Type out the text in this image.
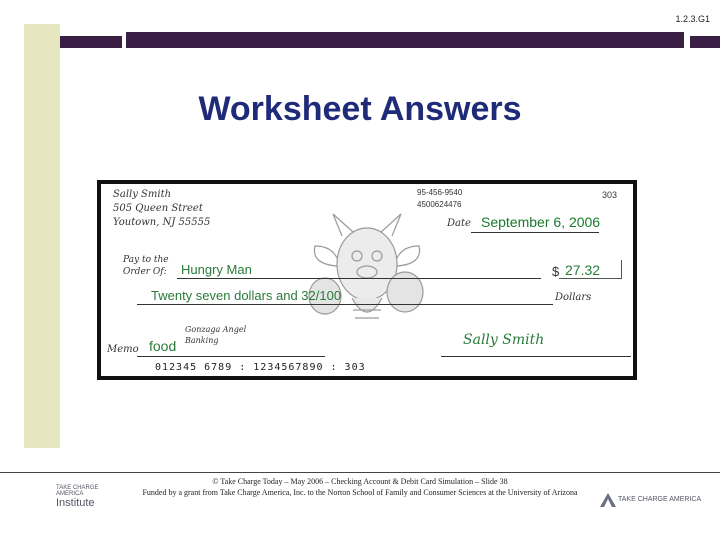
1.2.3.G1
Worksheet Answers
Sally Smith
505 Queen Street
Youtown, NJ 55555
95-456-9540
4500624476
303
Date September 6, 2006
Pay to the
Order Of: Hungry Man	$ 27.32
Twenty seven dollars and 32/100	Dollars
Gonzaga Angel
Banking
Memo food	Sally Smith
012345 6789 : 1234567890 : 303
© Take Charge Today – May 2006 – Checking Account & Debit Card Simulation – Slide 38
Funded by a grant from Take Charge America, Inc. to the Norton School of Family and Consumer Sciences at the University of Arizona
TAKE CHARGE AMERICA
Institute	TAKE CHARGE AMERICA
